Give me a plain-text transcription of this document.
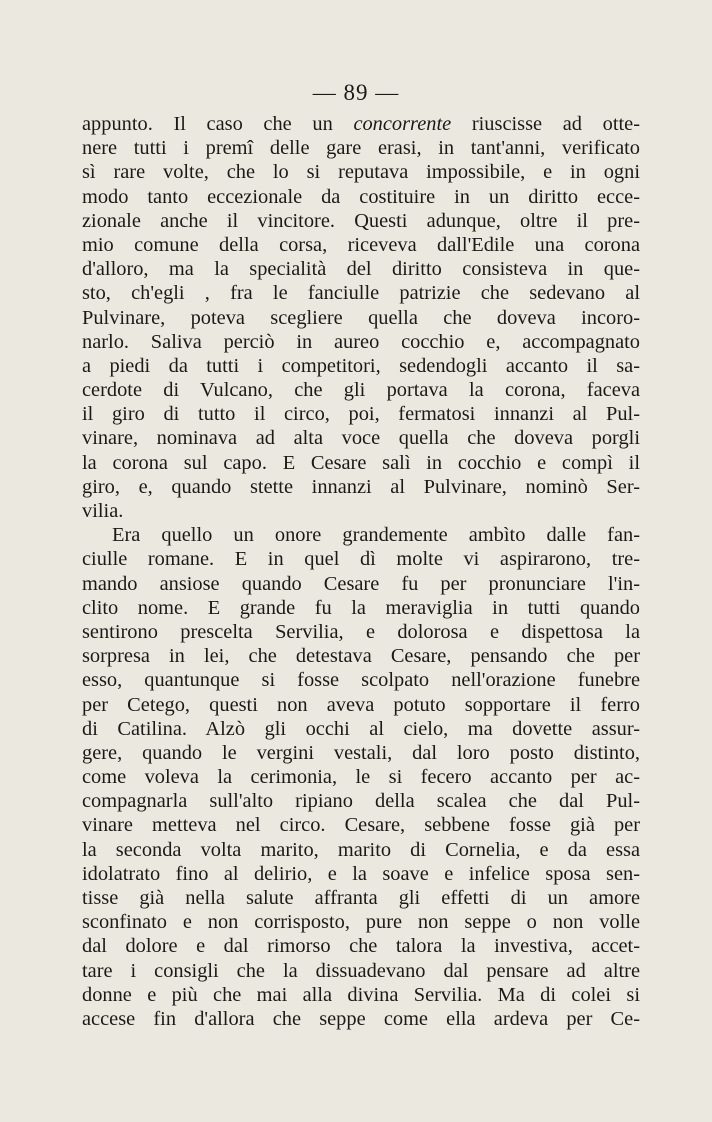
— 89 —
appunto. Il caso che un concorrente riuscisse ad otte-
nere tutti i premî delle gare erasi, in tant'anni, verificato
sì rare volte, che lo si reputava impossibile, e in ogni
modo tanto eccezionale da costituire in un diritto ecce-
zionale anche il vincitore. Questi adunque, oltre il pre-
mio comune della corsa, riceveva dall'Edile una corona
d'alloro, ma la specialità del diritto consisteva in que-
sto, ch'egli , fra le fanciulle patrizie che sedevano al
Pulvinare, poteva scegliere quella che doveva incoro-
narlo. Saliva perciò in aureo cocchio e, accompagnato
a piedi da tutti i competitori, sedendogli accanto il sa-
cerdote di Vulcano, che gli portava la corona, faceva
il giro di tutto il circo, poi, fermatosi innanzi al Pul-
vinare, nominava ad alta voce quella che doveva porgli
la corona sul capo. E Cesare salì in cocchio e compì il
giro, e, quando stette innanzi al Pulvinare, nominò Ser-
vilia.
Era quello un onore grandemente ambìto dalle fan-
ciulle romane. E in quel dì molte vi aspirarono, tre-
mando ansiose quando Cesare fu per pronunciare l'in-
clito nome. E grande fu la meraviglia in tutti quando
sentirono prescelta Servilia, e dolorosa e dispettosa la
sorpresa in lei, che detestava Cesare, pensando che per
esso, quantunque si fosse scolpato nell'orazione funebre
per Cetego, questi non aveva potuto sopportare il ferro
di Catilina. Alzò gli occhi al cielo, ma dovette assur-
gere, quando le vergini vestali, dal loro posto distinto,
come voleva la cerimonia, le si fecero accanto per ac-
compagnarla sull'alto ripiano della scalea che dal Pul-
vinare metteva nel circo. Cesare, sebbene fosse già per
la seconda volta marito, marito di Cornelia, e da essa
idolatrato fino al delirio, e la soave e infelice sposa sen-
tisse già nella salute affranta gli effetti di un amore
sconfinato e non corrisposto, pure non seppe o non volle
dal dolore e dal rimorso che talora la investiva, accet-
tare i consigli che la dissuadevano dal pensare ad altre
donne e più che mai alla divina Servilia. Ma di colei si
accese fin d'allora che seppe come ella ardeva per Ce-
